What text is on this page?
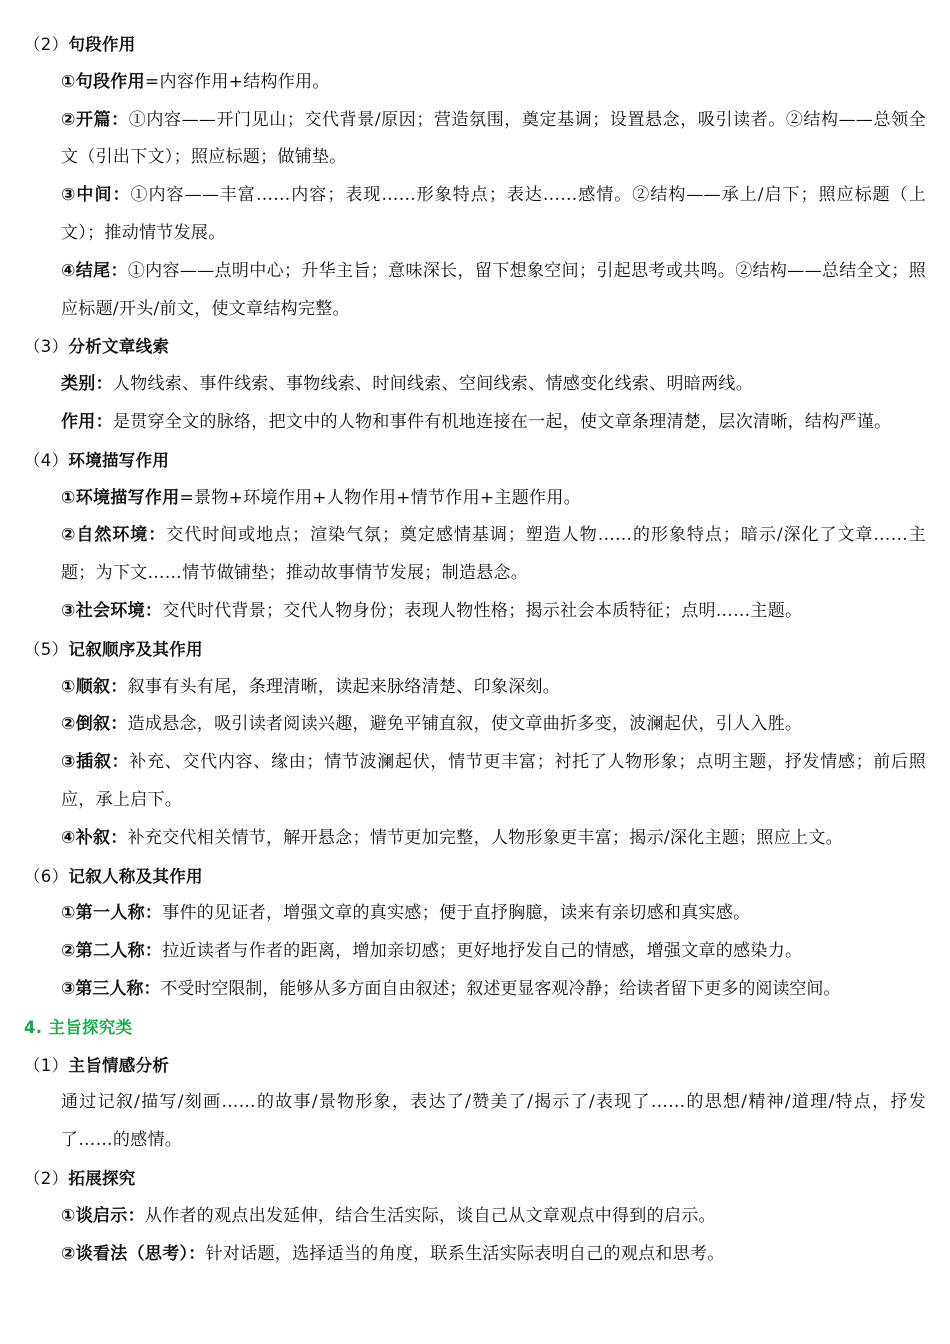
（2）句段作用
①句段作用=内容作用+结构作用。
②开篇：①内容——开门见山；交代背景/原因；营造氛围，奠定基调；设置悬念，吸引读者。②结构——总领全文（引出下文）；照应标题；做铺垫。
③中间：①内容——丰富……内容；表现……形象特点；表达……感情。②结构——承上/启下；照应标题（上文）；推动情节发展。
④结尾：①内容——点明中心；升华主旨；意味深长，留下想象空间；引起思考或共鸣。②结构——总结全文；照应标题/开头/前文，使文章结构完整。
（3）分析文章线索
类别：人物线索、事件线索、事物线索、时间线索、空间线索、情感变化线索、明暗两线。
作用：是贯穿全文的脉络，把文中的人物和事件有机地连接在一起，使文章条理清楚，层次清晰，结构严谨。
（4）环境描写作用
①环境描写作用=景物+环境作用+人物作用+情节作用+主题作用。
②自然环境：交代时间或地点；渲染气氛；奠定感情基调；塑造人物……的形象特点；暗示/深化了文章……主题；为下文……情节做铺垫；推动故事情节发展；制造悬念。
③社会环境：交代时代背景；交代人物身份；表现人物性格；揭示社会本质特征；点明……主题。
（5）记叙顺序及其作用
①顺叙：叙事有头有尾，条理清晰，读起来脉络清楚、印象深刻。
②倒叙：造成悬念，吸引读者阅读兴趣，避免平铺直叙，使文章曲折多变，波澜起伏，引人入胜。
③插叙：补充、交代内容、缘由；情节波澜起伏，情节更丰富；衬托了人物形象；点明主题，抒发情感；前后照应，承上启下。
④补叙：补充交代相关情节，解开悬念；情节更加完整，人物形象更丰富；揭示/深化主题；照应上文。
（6）记叙人称及其作用
①第一人称：事件的见证者，增强文章的真实感；便于直抒胸臆，读来有亲切感和真实感。
②第二人称：拉近读者与作者的距离，增加亲切感；更好地抒发自己的情感，增强文章的感染力。
③第三人称：不受时空限制，能够从多方面自由叙述；叙述更显客观冷静；给读者留下更多的阅读空间。
4. 主旨探究类
（1）主旨情感分析
通过记叙/描写/刻画……的故事/景物形象，表达了/赞美了/揭示了/表现了……的思想/精神/道理/特点，抒发了……的感情。
（2）拓展探究
①谈启示：从作者的观点出发延伸，结合生活实际，谈自己从文章观点中得到的启示。
②谈看法（思考）：针对话题，选择适当的角度，联系生活实际表明自己的观点和思考。
